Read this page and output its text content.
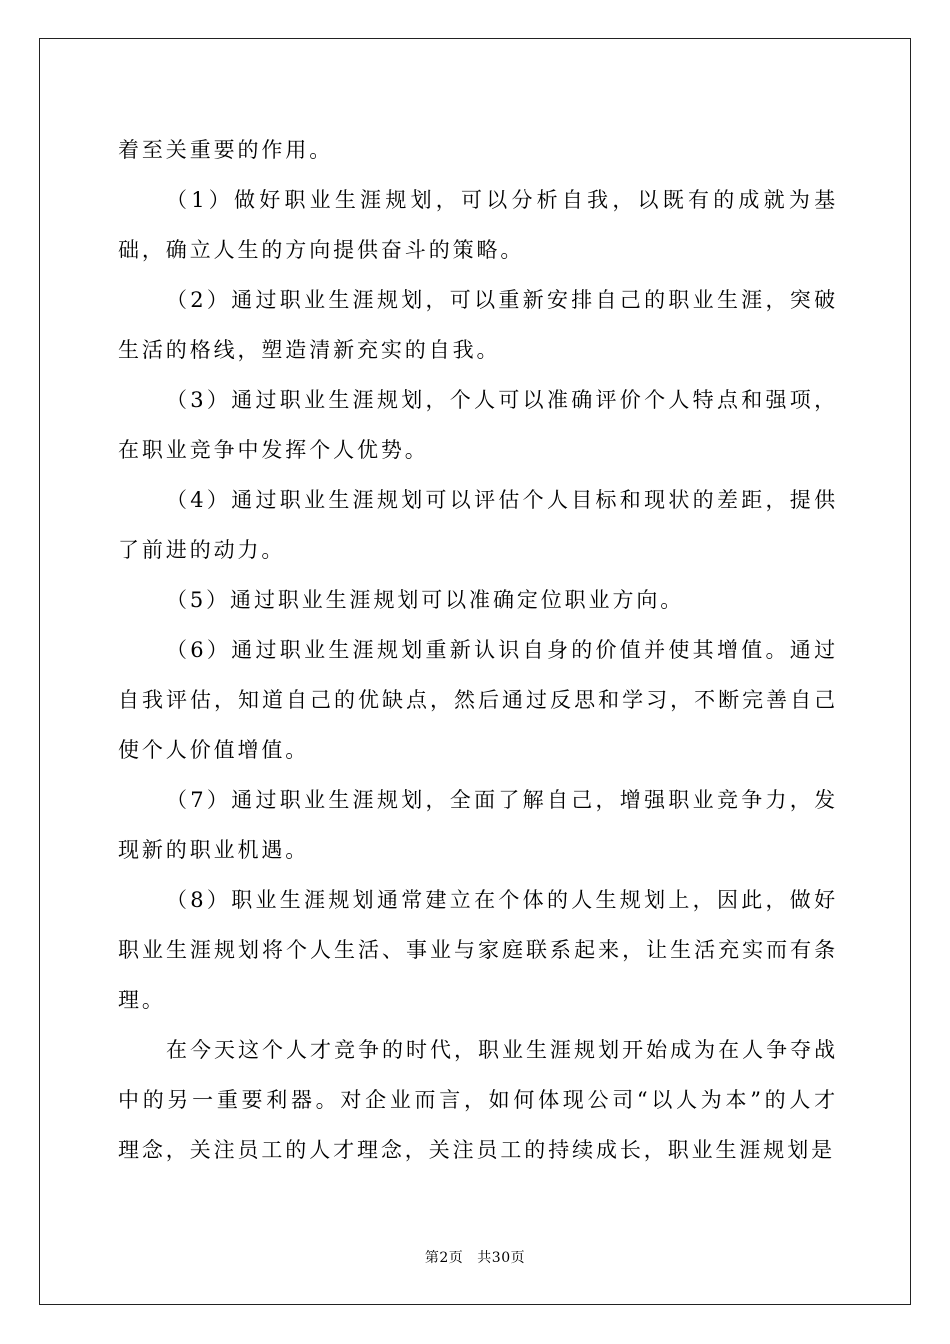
着至关重要的作用。

（1）做好职业生涯规划，可以分析自我，以既有的成就为基础，确立人生的方向提供奋斗的策略。

（2）通过职业生涯规划，可以重新安排自己的职业生涯，突破生活的格线，塑造清新充实的自我。

（3）通过职业生涯规划，个人可以准确评价个人特点和强项，在职业竞争中发挥个人优势。

（4）通过职业生涯规划可以评估个人目标和现状的差距，提供了前进的动力。

（5）通过职业生涯规划可以准确定位职业方向。

（6）通过职业生涯规划重新认识自身的价值并使其增值。通过自我评估，知道自己的优缺点，然后通过反思和学习，不断完善自己使个人价值增值。

（7）通过职业生涯规划，全面了解自己，增强职业竞争力，发现新的职业机遇。

（8）职业生涯规划通常建立在个体的人生规划上，因此，做好职业生涯规划将个人生活、事业与家庭联系起来，让生活充实而有条理。

在今天这个人才竞争的时代，职业生涯规划开始成为在人争夺战中的另一重要利器。对企业而言，如何体现公司“以人为本”的人才理念，关注员工的人才理念，关注员工的持续成长，职业生涯规划是

第2页 共30页
